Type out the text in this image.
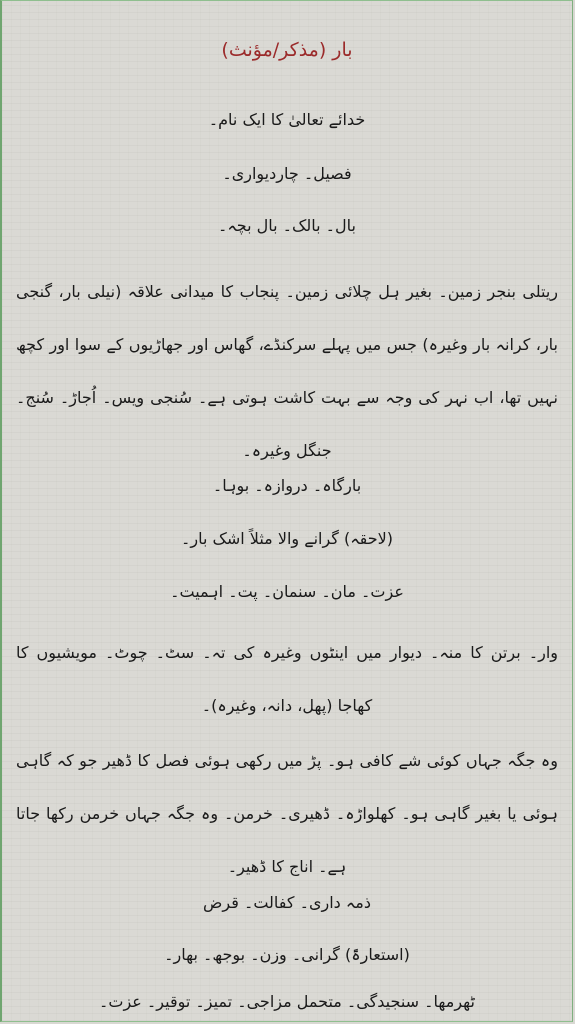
بار (مذکر/مؤنث)
خدائے تعالیٰ کا ایک نام۔
فصیل۔ چاردیواری۔
بال۔ بالک۔ بال بچہ۔
ریتلی بنجر زمین۔ بغیر ہل چلائی زمین۔ پنجاب کا میدانی علاقہ (نیلی بار، گنجی بار، کرانہ بار وغیرہ) جس میں پہلے سرکنڈے، گھاس اور جھاڑیوں کے سوا اور کچھ نہیں تھا، اب نہر کی وجہ سے بہت کاشت ہوتی ہے۔ سُنجی ویس۔ اُجاڑ۔ سُنج۔ جنگل وغیرہ۔
بارگاہ۔ دروازہ۔ بوہا۔
(لاحقہ) گرانے والا مثلاً اشک بار۔
عزت۔ مان۔ سنمان۔ پت۔ اہمیت۔
وار۔ برتن کا منہ۔ دیوار میں اینٹوں وغیرہ کی تہ۔ سٹ۔ چوٹ۔ مویشیوں کا کھاجا (پھل، دانہ، وغیرہ)۔
وہ جگہ جہاں کوئی شے کافی ہو۔ پڑ میں رکھی ہوئی فصل کا ڈھیر جو کہ گاہی ہوئی یا بغیر گاہی ہو۔ کھلواڑہ۔ ڈھیری۔ خرمن۔ وہ جگہ جہاں خرمن رکھا جاتا ہے۔ اناج کا ڈھیر۔
ذمہ داری۔ کفالت۔ قرض
(استعارۃً) گرانی۔ وزن۔ بوجھ۔ بھار۔
ٹھرمھا۔ سنجیدگی۔ متحمل مزاجی۔ تمیز۔ توقیر۔ عزت۔
